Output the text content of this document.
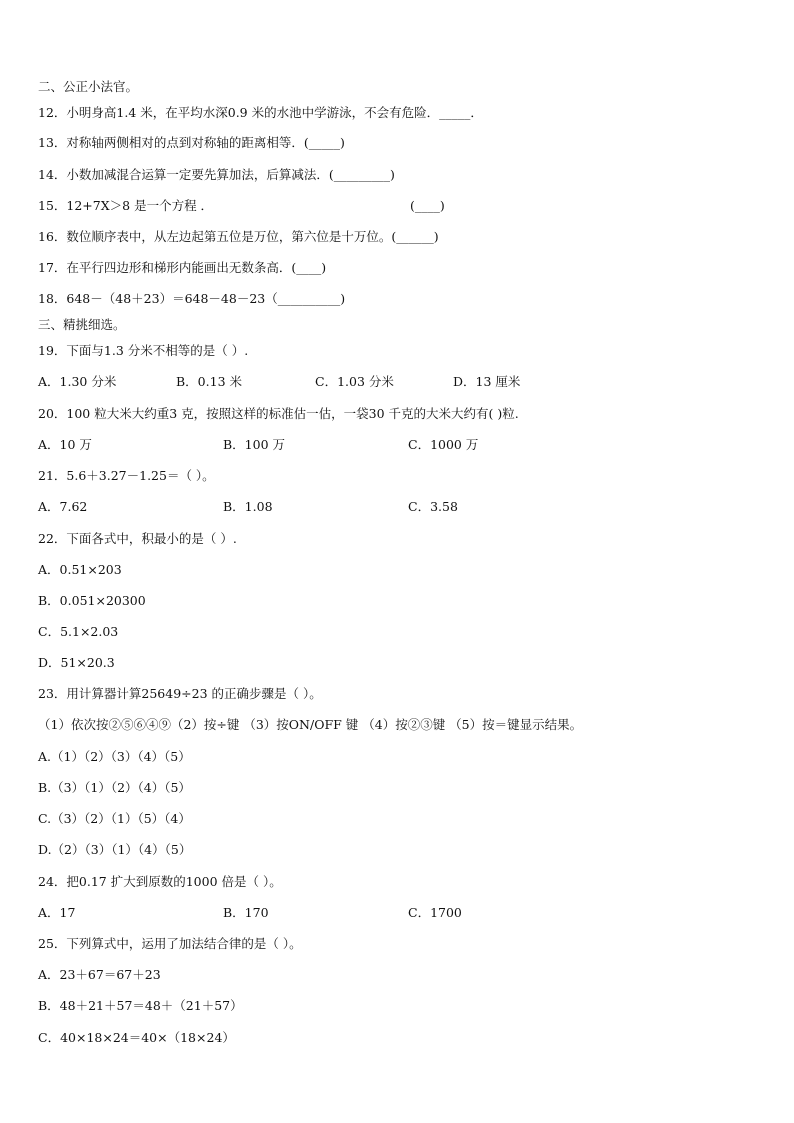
二、公正小法官。
12．小明身高1.4 米，在平均水深0.9 米的水池中学游泳，不会有危险．_____．
13．对称轴两侧相对的点到对称轴的距离相等．(_____)
14．小数加减混合运算一定要先算加法，后算减法．(_________)
15．12+7X＞8 是一个方程 ．	(____)
16．数位顺序表中，从左边起第五位是万位，第六位是十万位。(______)
17．在平行四边形和梯形内能画出无数条高．(____)
18．648－（48＋23）＝648－48－23（__________)
三、精挑细选。
19．下面与1.3 分米不相等的是（ ）.
A．1.30 分米	B．0.13 米	C．1.03 分米	D．13 厘米
20．100 粒大米大约重3 克，按照这样的标准估一估，一袋30 千克的大米大约有( )粒.
A．10 万	B．100 万	C．1000 万
21．5.6＋3.27－1.25＝（ ）。
A．7.62	B．1.08	C．3.58
22．下面各式中，积最小的是（ ）.
A．0.51×203
B．0.051×20300
C．5.1×2.03
D．51×20.3
23．用计算器计算25649÷23 的正确步骤是（ ）。
（1）依次按②⑤⑥④⑨（2）按÷键 （3）按ON/OFF 键 （4）按②③键 （5）按＝键显示结果。
A.（1）（2）（3）（4）（5）
B.（3）（1）（2）（4）（5）
C.（3）（2）（1）（5）（4）
D.（2）（3）（1）（4）（5）
24．把0.17 扩大到原数的1000 倍是（ ）。
A．17	B．170	C．1700
25．下列算式中，运用了加法结合律的是（ ）。
A．23＋67＝67＋23
B．48＋21＋57＝48＋（21＋57）
C．40×18×24＝40×（18×24）
